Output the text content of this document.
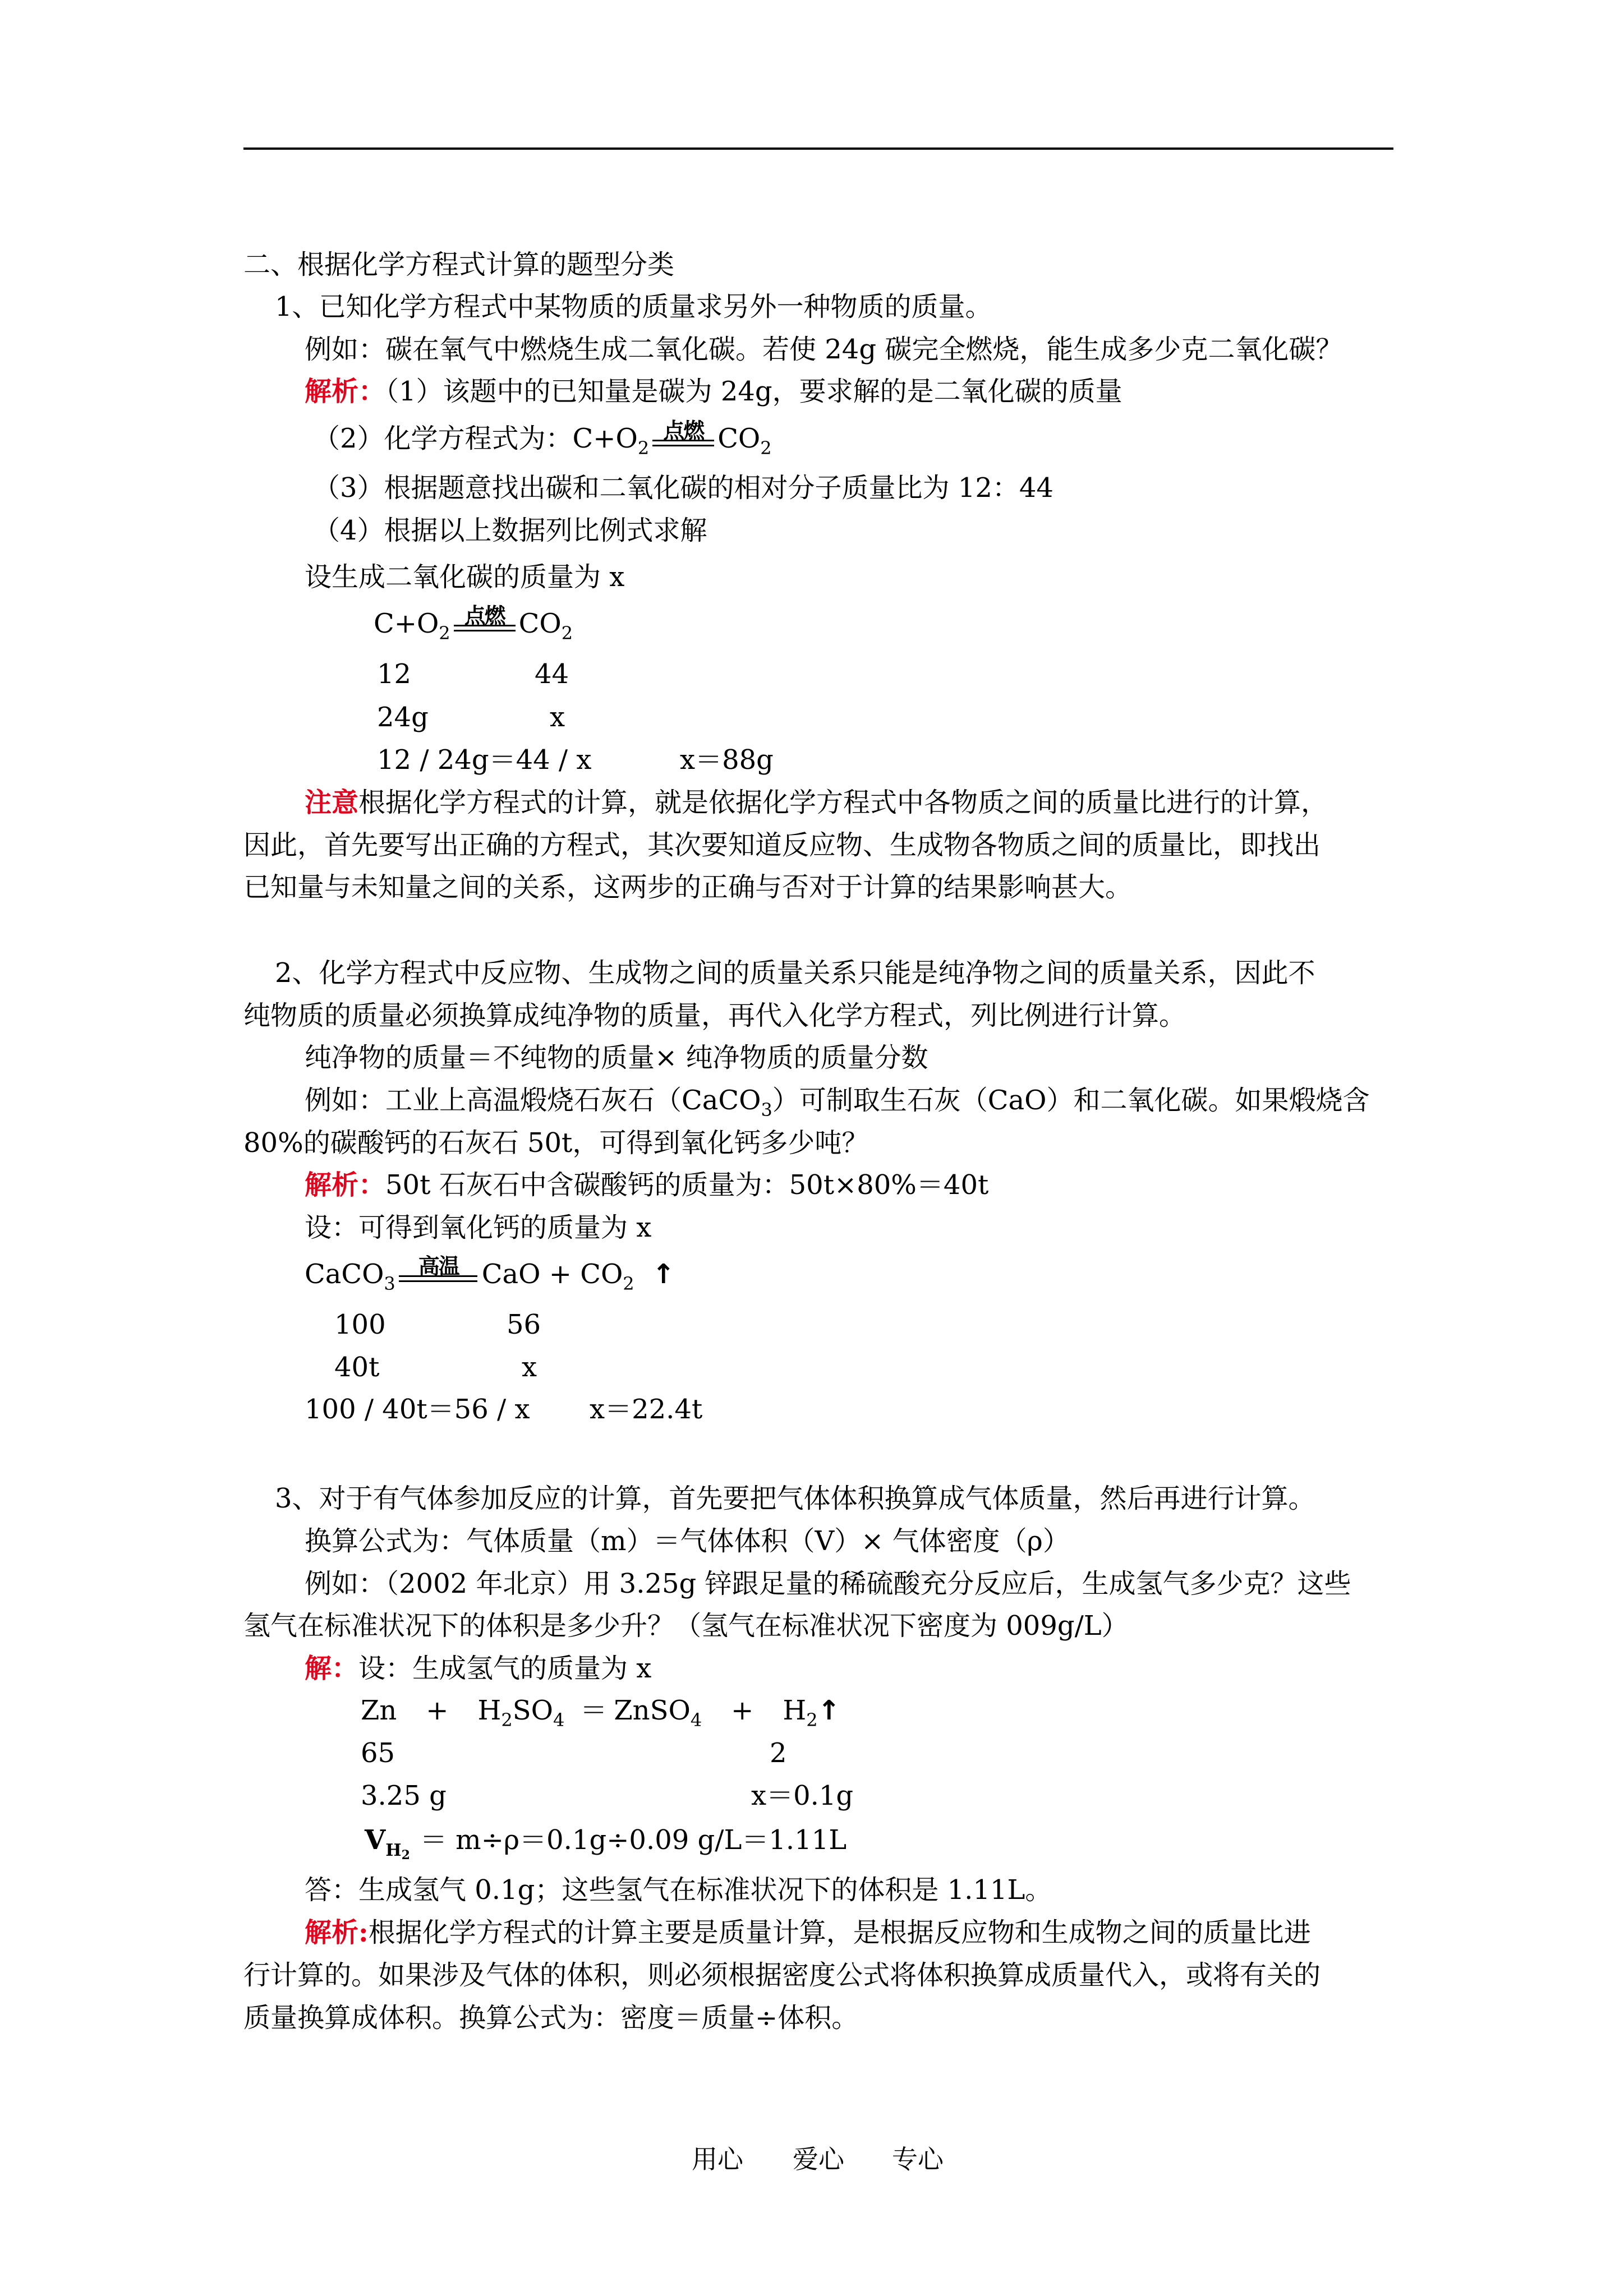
二、根据化学方程式计算的题型分类
1、已知化学方程式中某物质的质量求另外一种物质的质量。
例如：碳在氧气中燃烧生成二氧化碳。若使 24g 碳完全燃烧，能生成多少克二氧化碳？
解析：（1）该题中的已知量是碳为 24g，要求解的是二氧化碳的质量
（2）化学方程式为：$C+O_2$
点燃 $CO_2$
（3）根据题意找出碳和二氧化碳的相对分子质量比为 12：44
（4）根据以上数据列比例式求解
设生成二氧化碳的质量为 x
$C+O_2$
点燃 $CO_2$
12	44
24g	x
12 / 24g＝44 / x	x＝88g
注意根据化学方程式的计算，就是依据化学方程式中各物质之间的质量比进行的计算，
因此，首先要写出正确的方程式，其次要知道反应物、生成物各物质之间的质量比，即找出
已知量与未知量之间的关系，这两步的正确与否对于计算的结果影响甚大。
2、化学方程式中反应物、生成物之间的质量关系只能是纯净物之间的质量关系，因此不
纯物质的质量必须换算成纯净物的质量，再代入化学方程式，列比例进行计算。
纯净物的质量＝不纯物的质量× 纯净物质的质量分数
例如：工业上高温煅烧石灰石（CaCO$_3$）可制取生石灰（CaO）和二氧化碳。如果煅烧含
80%的碳酸钙的石灰石 50t，可得到氧化钙多少吨？
解析：50t 石灰石中含碳酸钙的质量为：50t×80%＝40t
设：可得到氧化钙的质量为 x
CaCO$_3$
高温 CaO + $CO_2$ ↑
100	56
40t	x
100 / 40t＝56 / x x＝22.4t
3、对于有气体参加反应的计算，首先要把气体体积换算成气体质量，然后再进行计算。
换算公式为：气体质量（m）＝气体体积（V）× 气体密度（ρ）
例如：（2002 年北京）用 3.25g 锌跟足量的稀硫酸充分反应后，生成氢气多少克？这些
氢气在标准状况下的体积是多少升？（氢气在标准状况下密度为 009g/L）
解：设：生成氢气的质量为 x
$Zn + H_2SO_4$ ＝ ZnSO$_4$ + $H_2↑$
65	2
3.25 g	x＝0.1g
$V_{H2} = m\div\rho=0.1g\div 0.09$ g/L＝1.11L
答：生成氢气 0.1g；这些氢气在标准状况下的体积是 1.11L。
解析:根据化学方程式的计算主要是质量计算，是根据反应物和生成物之间的质量比进
行计算的。如果涉及气体的体积，则必须根据密度公式将体积换算成质量代入，或将有关的
质量换算成体积。换算公式为：密度＝质量÷体积。
用心 爱心 专心
